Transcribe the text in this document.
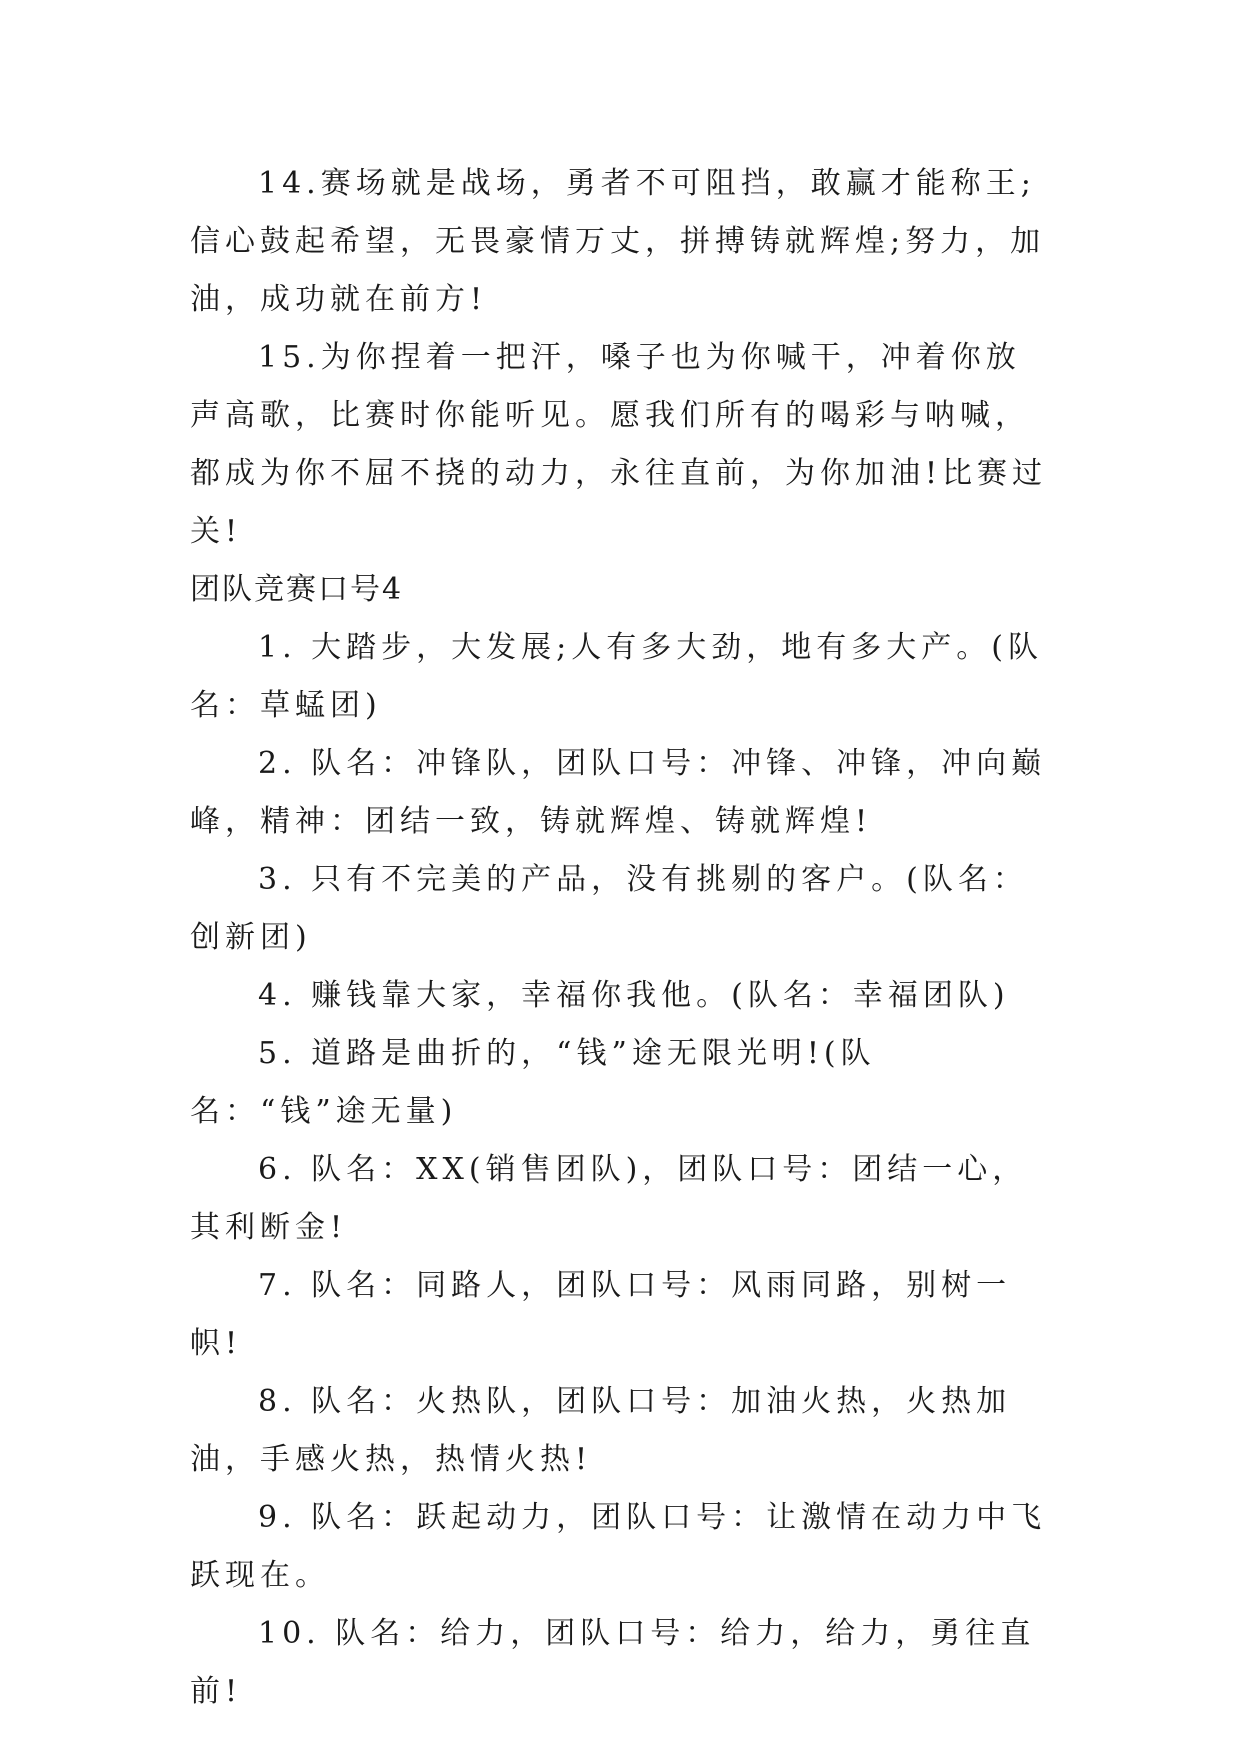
14.赛场就是战场，勇者不可阻挡，敢赢才能称王;信心鼓起希望，无畏豪情万丈，拼搏铸就辉煌;努力，加油，成功就在前方!

15.为你捏着一把汗，嗓子也为你喊干，冲着你放声高歌，比赛时你能听见。愿我们所有的喝彩与呐喊，都成为你不屈不挠的动力，永往直前，为你加油!比赛过关!

团队竞赛口号4

1. 大踏步，大发展;人有多大劲，地有多大产。(队名：草蜢团)

2. 队名：冲锋队，团队口号：冲锋、冲锋，冲向巅峰，精神：团结一致，铸就辉煌、铸就辉煌!

3. 只有不完美的产品，没有挑剔的客户。(队名：创新团)

4. 赚钱靠大家，幸福你我他。(队名：幸福团队)

5. 道路是曲折的，“钱”途无限光明!(队名：“钱”途无量)

6. 队名：XX(销售团队)，团队口号：团结一心，其利断金!

7. 队名：同路人，团队口号：风雨同路，别树一帜!

8. 队名：火热队，团队口号：加油火热，火热加油，手感火热，热情火热!

9. 队名：跃起动力，团队口号：让激情在动力中飞跃现在。

10. 队名：给力，团队口号：给力，给力，勇往直前!
